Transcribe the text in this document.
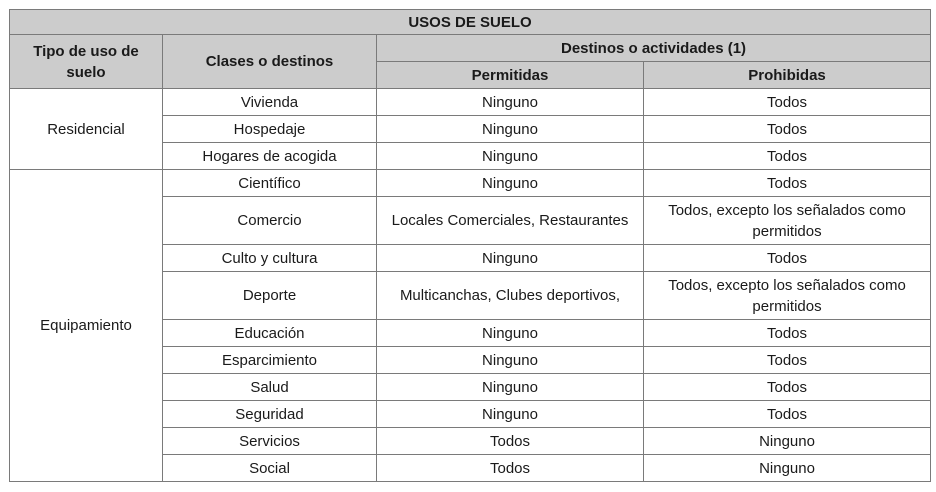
USOS DE SUELO			
Tipo de uso de suelo	Clases o destinos	Destinos o actividades (1)	
		Permitidas	Prohibidas
Residencial	Vivienda	Ninguno	Todos
	Hospedaje	Ninguno	Todos
	Hogares de acogida	Ninguno	Todos
Equipamiento	Científico	Ninguno	Todos
	Comercio	Locales Comerciales, Restaurantes	Todos, excepto los señalados como permitidos
	Culto y cultura	Ninguno	Todos
	Deporte	Multicanchas, Clubes deportivos,	Todos, excepto los señalados como permitidos
	Educación	Ninguno	Todos
	Esparcimiento	Ninguno	Todos
	Salud	Ninguno	Todos
	Seguridad	Ninguno	Todos
	Servicios	Todos	Ninguno
	Social	Todos	Ninguno
